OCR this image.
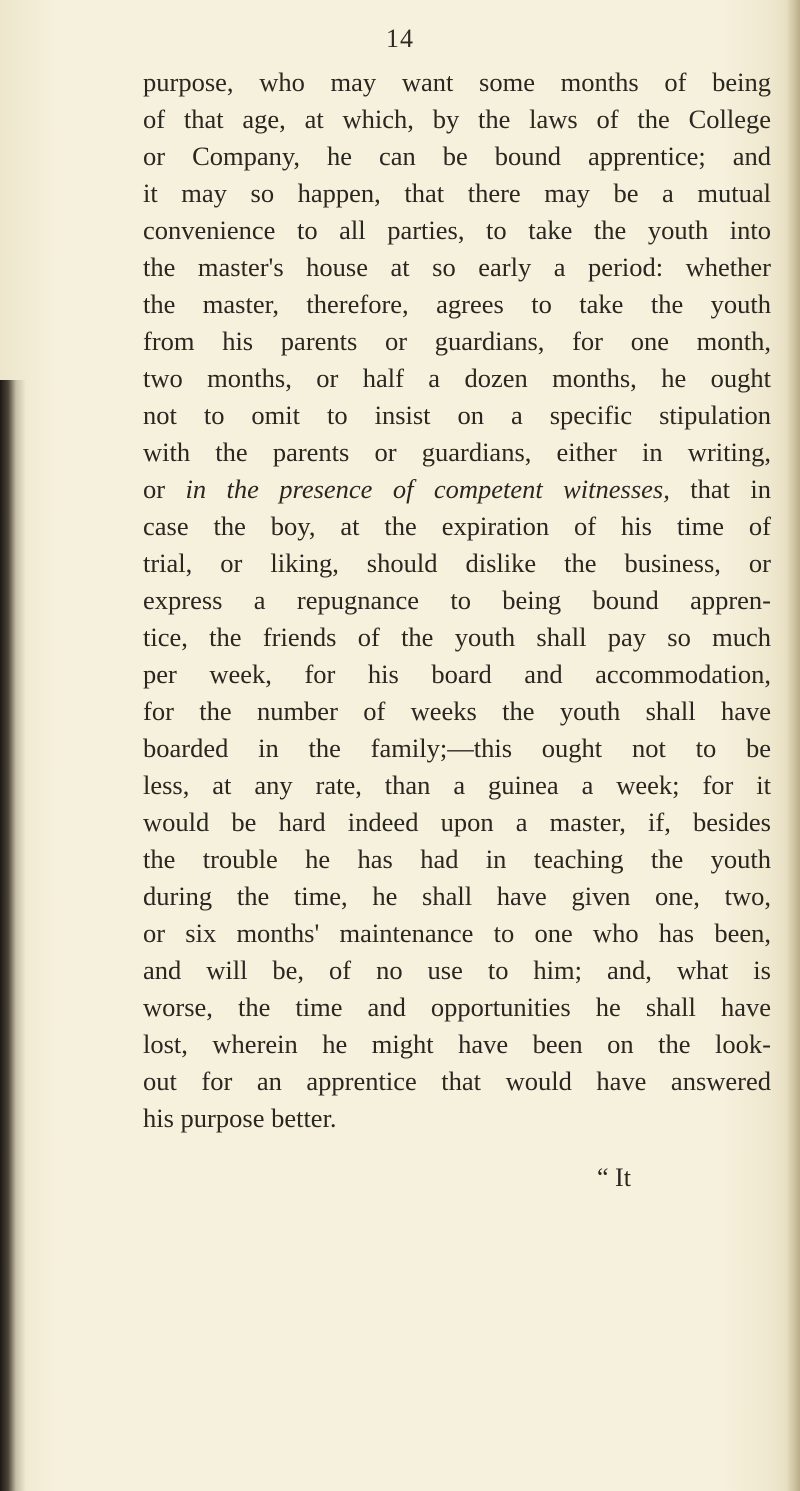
14
purpose, who may want some months of being
of that age, at which, by the laws of the College
or Company, he can be bound apprentice; and
it may so happen, that there may be a mutual
convenience to all parties, to take the youth into
the master's house at so early a period: whether
the master, therefore, agrees to take the youth
from his parents or guardians, for one month,
two months, or half a dozen months, he ought
not to omit to insist on a specific stipulation
with the parents or guardians, either in writing,
or in the presence of competent witnesses, that in
case the boy, at the expiration of his time of
trial, or liking, should dislike the business, or
express a repugnance to being bound appren-
tice, the friends of the youth shall pay so much
per week, for his board and accommodation,
for the number of weeks the youth shall have
boarded in the family;—this ought not to be
less, at any rate, than a guinea a week; for it
would be hard indeed upon a master, if, besides
the trouble he has had in teaching the youth
during the time, he shall have given one, two,
or six months' maintenance to one who has been,
and will be, of no use to him; and, what is
worse, the time and opportunities he shall have
lost, wherein he might have been on the look-
out for an apprentice that would have answered
his purpose better.
“ It
